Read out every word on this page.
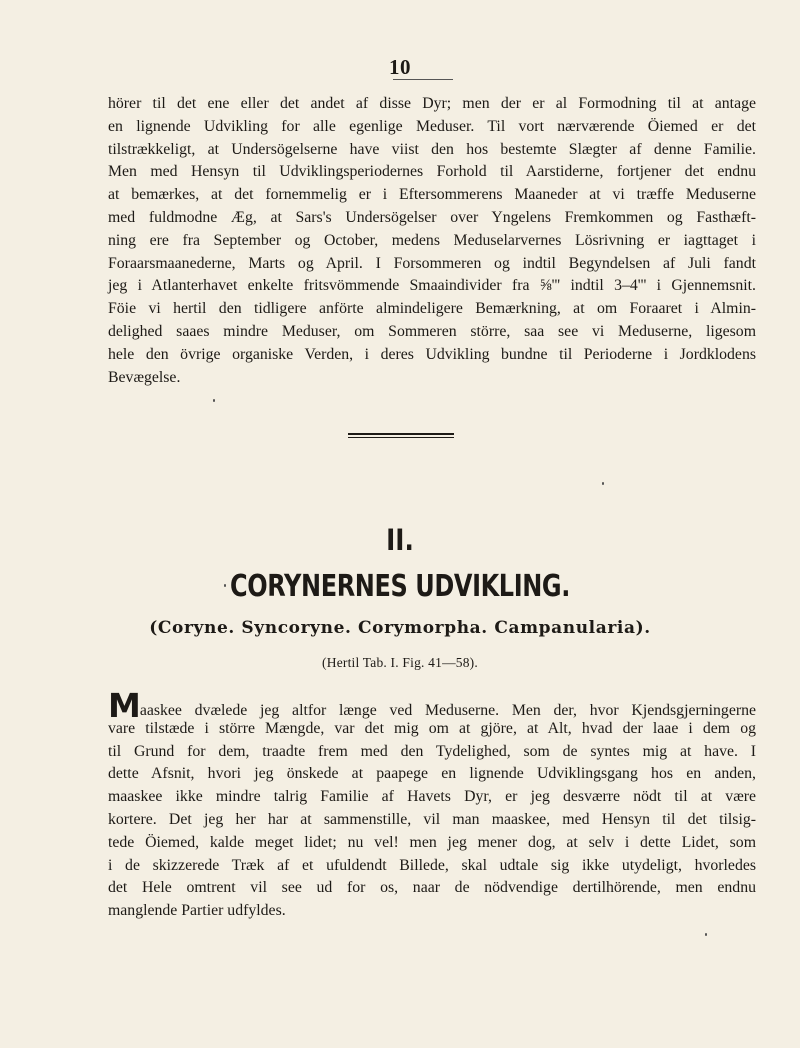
10
hörer til det ene eller det andet af disse Dyr; men der er al Formodning til at antage
en lignende Udvikling for alle egenlige Meduser. Til vort nærværende Öiemed er det
tilstrækkeligt, at Undersögelserne have viist den hos bestemte Slægter af denne Familie.
Men med Hensyn til Udviklingsperiodernes Forhold til Aarstiderne, fortjener det endnu
at bemærkes, at det fornemmelig er i Eftersommerens Maaneder at vi træffe Meduserne
med fuldmodne Æg, at Sars's Undersögelser over Yngelens Fremkommen og Fasthæft-
ning ere fra September og October, medens Meduselarvernes Lösrivning er iagttaget i
Foraarsmaanederne, Marts og April. I Forsommeren og indtil Begyndelsen af Juli fandt
jeg i Atlanterhavet enkelte fritsvömmende Smaaindivider fra ⅝''' indtil 3–4''' i Gjennemsnit.
Föie vi hertil den tidligere anförte almindeligere Bemærkning, at om Foraaret i Almin-
delighed saaes mindre Meduser, om Sommeren större, saa see vi Meduserne, ligesom
hele den övrige organiske Verden, i deres Udvikling bundne til Perioderne i Jordklodens
Bevægelse.
II.
CORYNERNES UDVIKLING.
(Coryne. Syncoryne. Corymorpha. Campanularia).
(Hertil Tab. I. Fig. 41—58).
Maaskee dvælede jeg altfor længe ved Meduserne. Men der, hvor Kjendsgjerningerne
vare tilstæde i större Mængde, var det mig om at gjöre, at Alt, hvad der laae i dem og
til Grund for dem, traadte frem med den Tydelighed, som de syntes mig at have. I
dette Afsnit, hvori jeg önskede at paapege en lignende Udviklingsgang hos en anden,
maaskee ikke mindre talrig Familie af Havets Dyr, er jeg desværre nödt til at være
kortere. Det jeg her har at sammenstille, vil man maaskee, med Hensyn til det tilsig-
tede Öiemed, kalde meget lidet; nu vel! men jeg mener dog, at selv i dette Lidet, som
i de skizzerede Træk af et ufuldendt Billede, skal udtale sig ikke utydeligt, hvorledes
det Hele omtrent vil see ud for os, naar de nödvendige dertilhörende, men endnu
manglende Partier udfyldes.
